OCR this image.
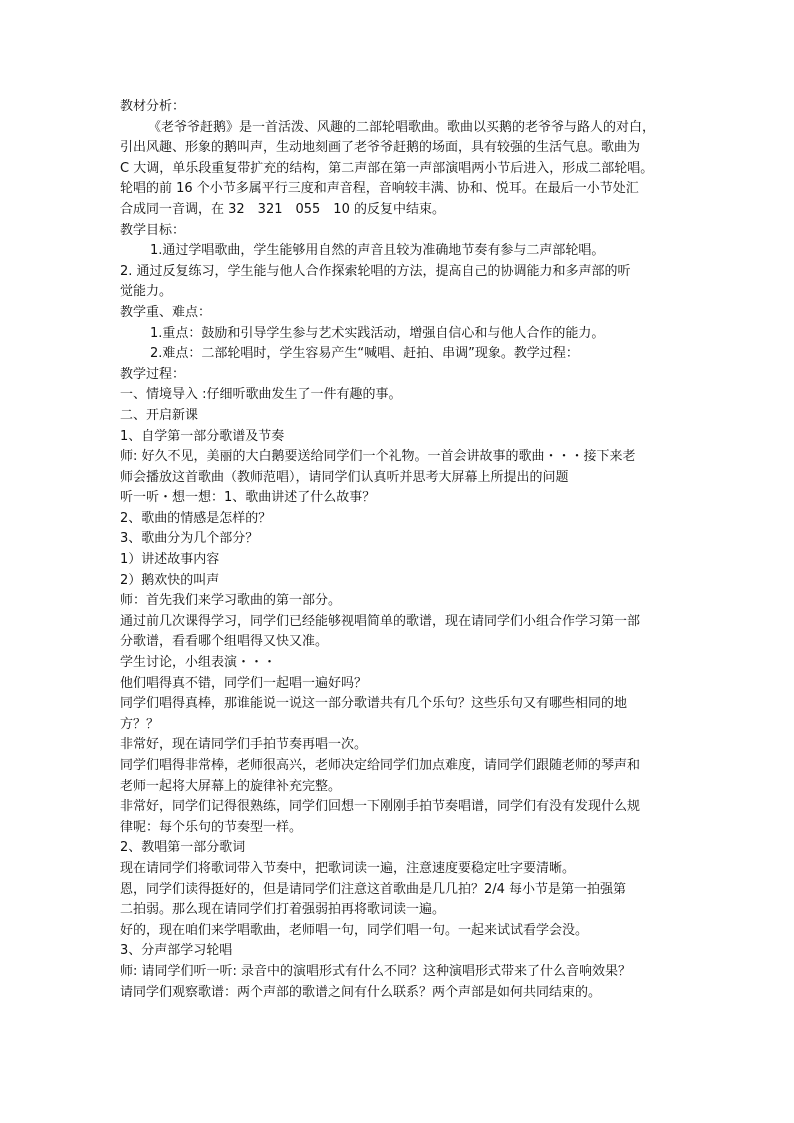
教材分析：
《老爷爷赶鹅》是一首活泼、风趣的二部轮唱歌曲。歌曲以买鹅的老爷爷与路人的对白，
引出风趣、形象的鹅叫声，生动地刻画了老爷爷赶鹅的场面，具有较强的生活气息。歌曲为
C 大调，单乐段重复带扩充的结构，第二声部在第一声部演唱两小节后进入，形成二部轮唱。
轮唱的前 16 个小节多属平行三度和声音程，音响较丰满、协和、悦耳。在最后一小节处汇
合成同一音调，在 32　321　055　10 的反复中结束。
教学目标：
1.通过学唱歌曲，学生能够用自然的声音且较为准确地节奏有参与二声部轮唱。
2. 通过反复练习，学生能与他人合作探索轮唱的方法，提高自己的协调能力和多声部的听
觉能力。
教学重、难点：
1.重点：鼓励和引导学生参与艺术实践活动，增强自信心和与他人合作的能力。
2.难点：二部轮唱时，学生容易产生“喊唱、赶拍、串调”现象。教学过程：
教学过程：
一、情境导入 :仔细听歌曲发生了一件有趣的事。
二、开启新课
1、自学第一部分歌谱及节奏
师: 好久不见，美丽的大白鹅要送给同学们一个礼物。一首会讲故事的歌曲・・・接下来老
师会播放这首歌曲（教师范唱），请同学们认真听并思考大屏幕上所提出的问题
听一听・想一想：1、歌曲讲述了什么故事？
2、歌曲的情感是怎样的？
3、歌曲分为几个部分？
1）讲述故事内容
2）鹅欢快的叫声
师：首先我们来学习歌曲的第一部分。
通过前几次课得学习，同学们已经能够视唱简单的歌谱，现在请同学们小组合作学习第一部
分歌谱，看看哪个组唱得又快又准。
学生讨论，小组表演・・・
他们唱得真不错，同学们一起唱一遍好吗？
同学们唱得真棒，那谁能说一说这一部分歌谱共有几个乐句？这些乐句又有哪些相同的地
方？？
非常好，现在请同学们手拍节奏再唱一次。
同学们唱得非常棒，老师很高兴，老师决定给同学们加点难度，请同学们跟随老师的琴声和
老师一起将大屏幕上的旋律补充完整。
非常好，同学们记得很熟练，同学们回想一下刚刚手拍节奏唱谱，同学们有没有发现什么规
律呢：每个乐句的节奏型一样。
2、教唱第一部分歌词
现在请同学们将歌词带入节奏中，把歌词读一遍，注意速度要稳定吐字要清晰。
恩，同学们读得挺好的，但是请同学们注意这首歌曲是几几拍？2/4 每小节是第一拍强第
二拍弱。那么现在请同学们打着强弱拍再将歌词读一遍。
好的，现在咱们来学唱歌曲，老师唱一句，同学们唱一句。一起来试试看学会没。
3、分声部学习轮唱
师: 请同学们听一听: 录音中的演唱形式有什么不同？这种演唱形式带来了什么音响效果？
请同学们观察歌谱：两个声部的歌谱之间有什么联系？两个声部是如何共同结束的。
